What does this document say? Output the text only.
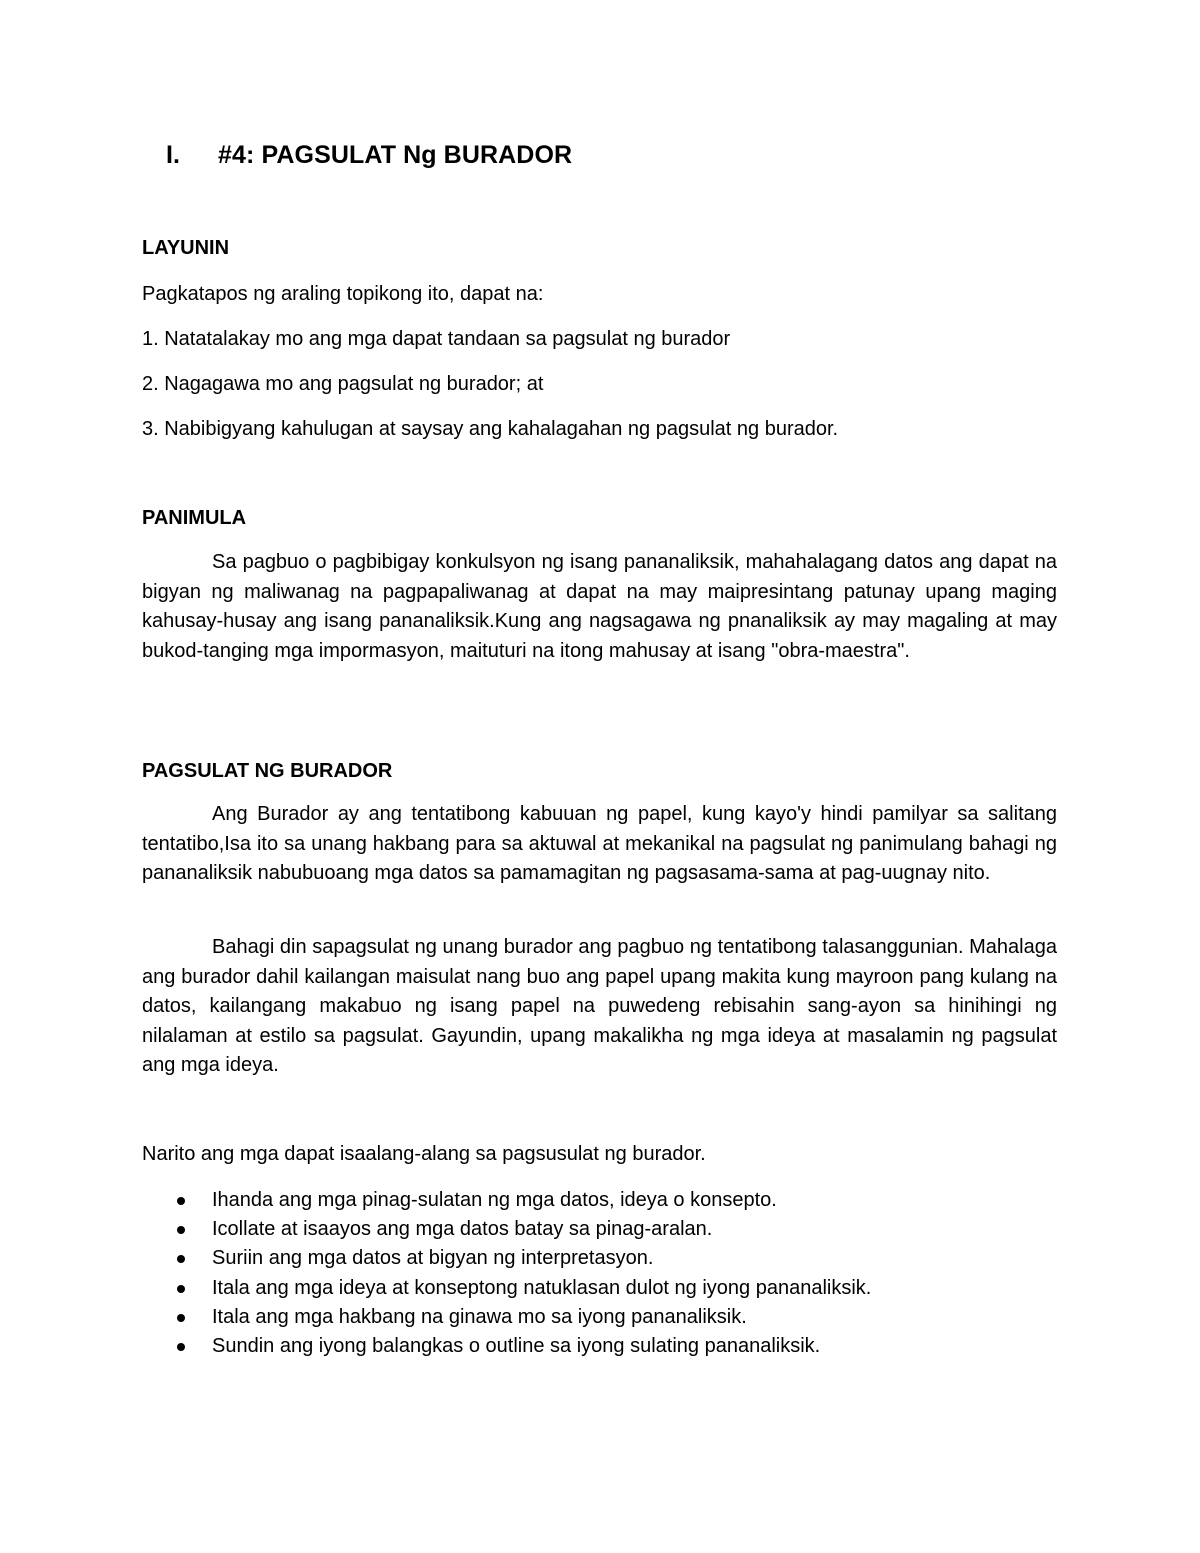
I. #4: PAGSULAT Ng BURADOR
LAYUNIN

Pagkatapos ng araling topikong ito, dapat na:

1. Natatalakay mo ang mga dapat tandaan sa pagsulat ng burador

2. Nagagawa mo ang pagsulat ng burador; at

3. Nabibigyang kahulugan at saysay ang kahalagahan ng pagsulat ng burador.

PANIMULA

Sa pagbuo o pagbibigay konkulsyon ng isang pananaliksik, mahahalagang datos ang dapat na bigyan ng maliwanag na pagpapaliwanag at dapat na may maipresintang patunay upang maging kahusay-husay ang isang pananaliksik.Kung ang nagsagawa ng pnanaliksik ay may magaling at may bukod-tanging mga impormasyon, maituturi na itong mahusay at isang "obra-maestra".

PAGSULAT NG BURADOR

Ang Burador ay ang tentatibong kabuuan ng papel, kung kayo'y hindi pamilyar sa salitang tentatibo,Isa ito sa unang hakbang para sa aktuwal at mekanikal na pagsulat ng panimulang bahagi ng pananaliksik nabubuoang mga datos sa pamamagitan ng pagsasama-sama at pag-uugnay nito.

Bahagi din sapagsulat ng unang burador ang pagbuo ng tentatibong talasanggunian. Mahalaga ang burador dahil kailangan maisulat nang buo ang papel upang makita kung mayroon pang kulang na datos, kailangang makabuo ng isang papel na puwedeng rebisahin sang-ayon sa hinihingi ng nilalaman at estilo sa pagsulat. Gayundin, upang makalikha ng mga ideya at masalamin ng pagsulat ang mga ideya.

Narito ang mga dapat isaalang-alang sa pagsusulat ng burador.

Ihanda ang mga pinag-sulatan ng mga datos, ideya o konsepto.
Icollate at isaayos ang mga datos batay sa pinag-aralan.
Suriin ang mga datos at bigyan ng interpretasyon.
Itala ang mga ideya at konseptong natuklasan dulot ng iyong pananaliksik.
Itala ang mga hakbang na ginawa mo sa iyong pananaliksik.
Sundin ang iyong balangkas o outline sa iyong sulating pananaliksik.
